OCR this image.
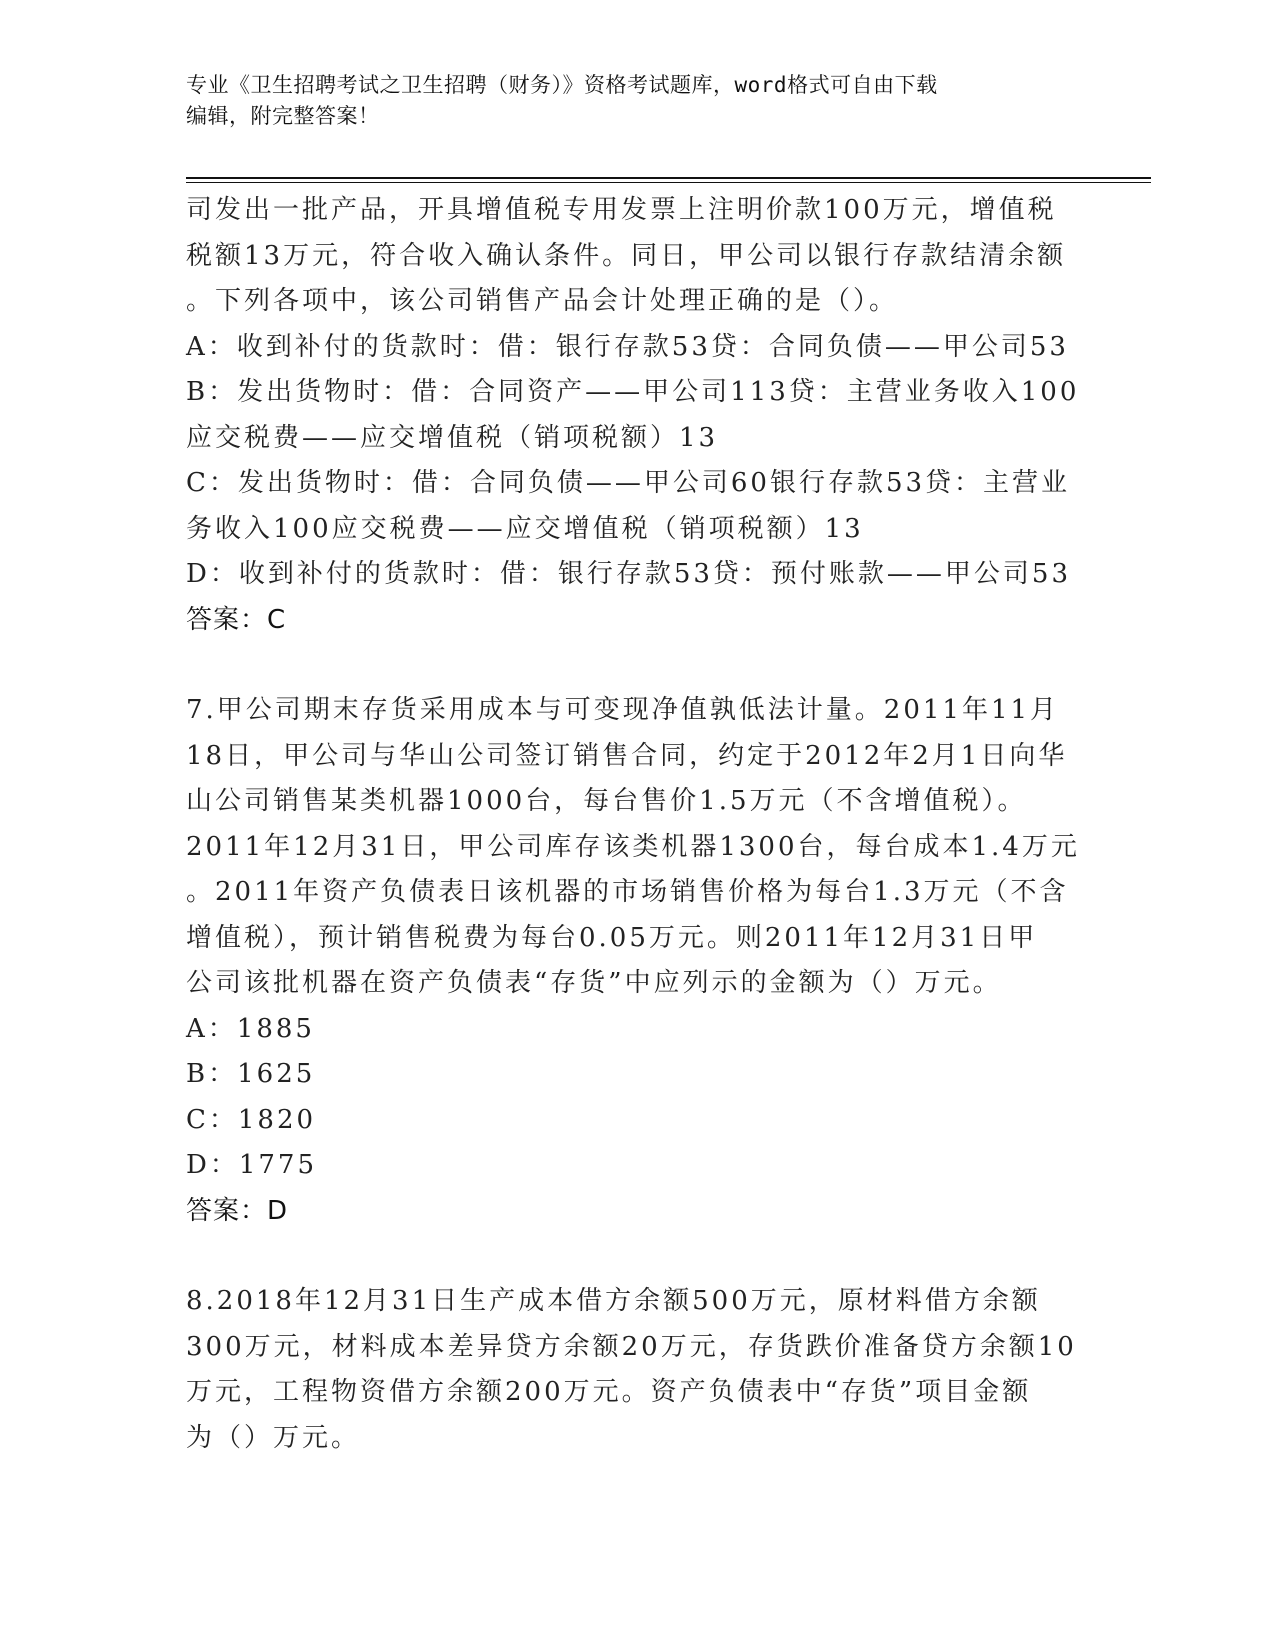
专业《卫生招聘考试之卫生招聘（财务）》资格考试题库，word格式可自由下载
编辑，附完整答案！
司发出一批产品，开具增值税专用发票上注明价款100万元，增值税
税额13万元，符合收入确认条件。同日，甲公司以银行存款结清余额
。下列各项中，该公司销售产品会计处理正确的是（）。
A：收到补付的货款时：借：银行存款53贷：合同负债——甲公司53
B：发出货物时：借：合同资产——甲公司113贷：主营业务收入100
应交税费——应交增值税（销项税额）13
C：发出货物时：借：合同负债——甲公司60银行存款53贷：主营业
务收入100应交税费——应交增值税（销项税额）13
D：收到补付的货款时：借：银行存款53贷：预付账款——甲公司53
答案：C
7.甲公司期末存货采用成本与可变现净值孰低法计量。2011年11月
18日，甲公司与华山公司签订销售合同，约定于2012年2月1日向华
山公司销售某类机器1000台，每台售价1.5万元（不含增值税）。
2011年12月31日，甲公司库存该类机器1300台，每台成本1.4万元
。2011年资产负债表日该机器的市场销售价格为每台1.3万元（不含
增值税），预计销售税费为每台0.05万元。则2011年12月31日甲
公司该批机器在资产负债表“存货”中应列示的金额为（）万元。
A：1885
B：1625
C：1820
D：1775
答案：D
8.2018年12月31日生产成本借方余额500万元，原材料借方余额
300万元，材料成本差异贷方余额20万元，存货跌价准备贷方余额10
万元，工程物资借方余额200万元。资产负债表中“存货”项目金额
为（）万元。
